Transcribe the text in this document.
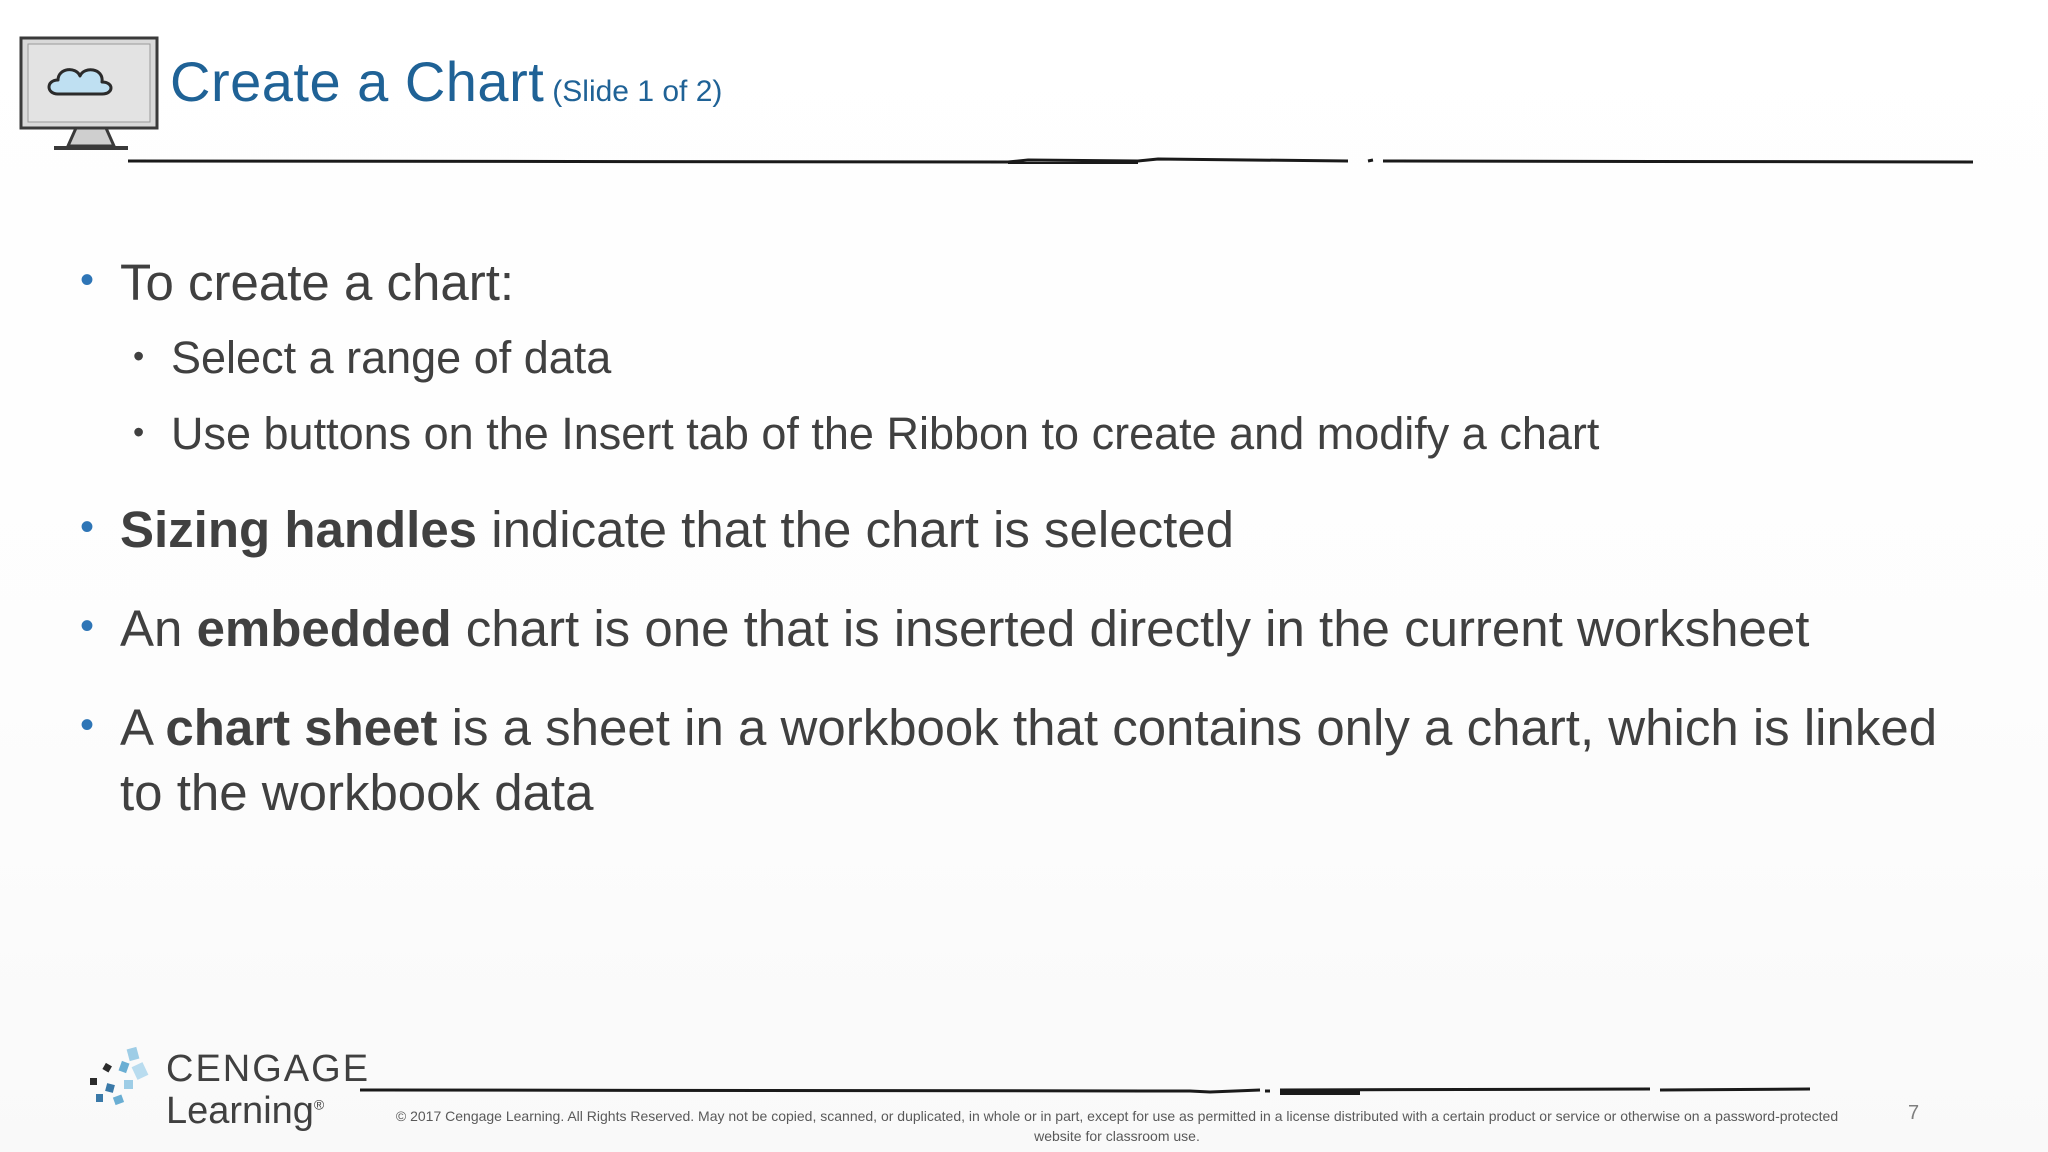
Create a Chart (Slide 1 of 2)
• To create a chart:
• Select a range of data
• Use buttons on the Insert tab of the Ribbon to create and modify a chart
• Sizing handles indicate that the chart is selected
• An embedded chart is one that is inserted directly in the current worksheet
• A chart sheet is a sheet in a workbook that contains only a chart, which is linked to the workbook data
CENGAGE
Learning®
© 2017 Cengage Learning. All Rights Reserved. May not be copied, scanned, or duplicated, in whole or in part, except for use as permitted in a license distributed with a certain product or service or otherwise on a password-protected website for classroom use.
7
